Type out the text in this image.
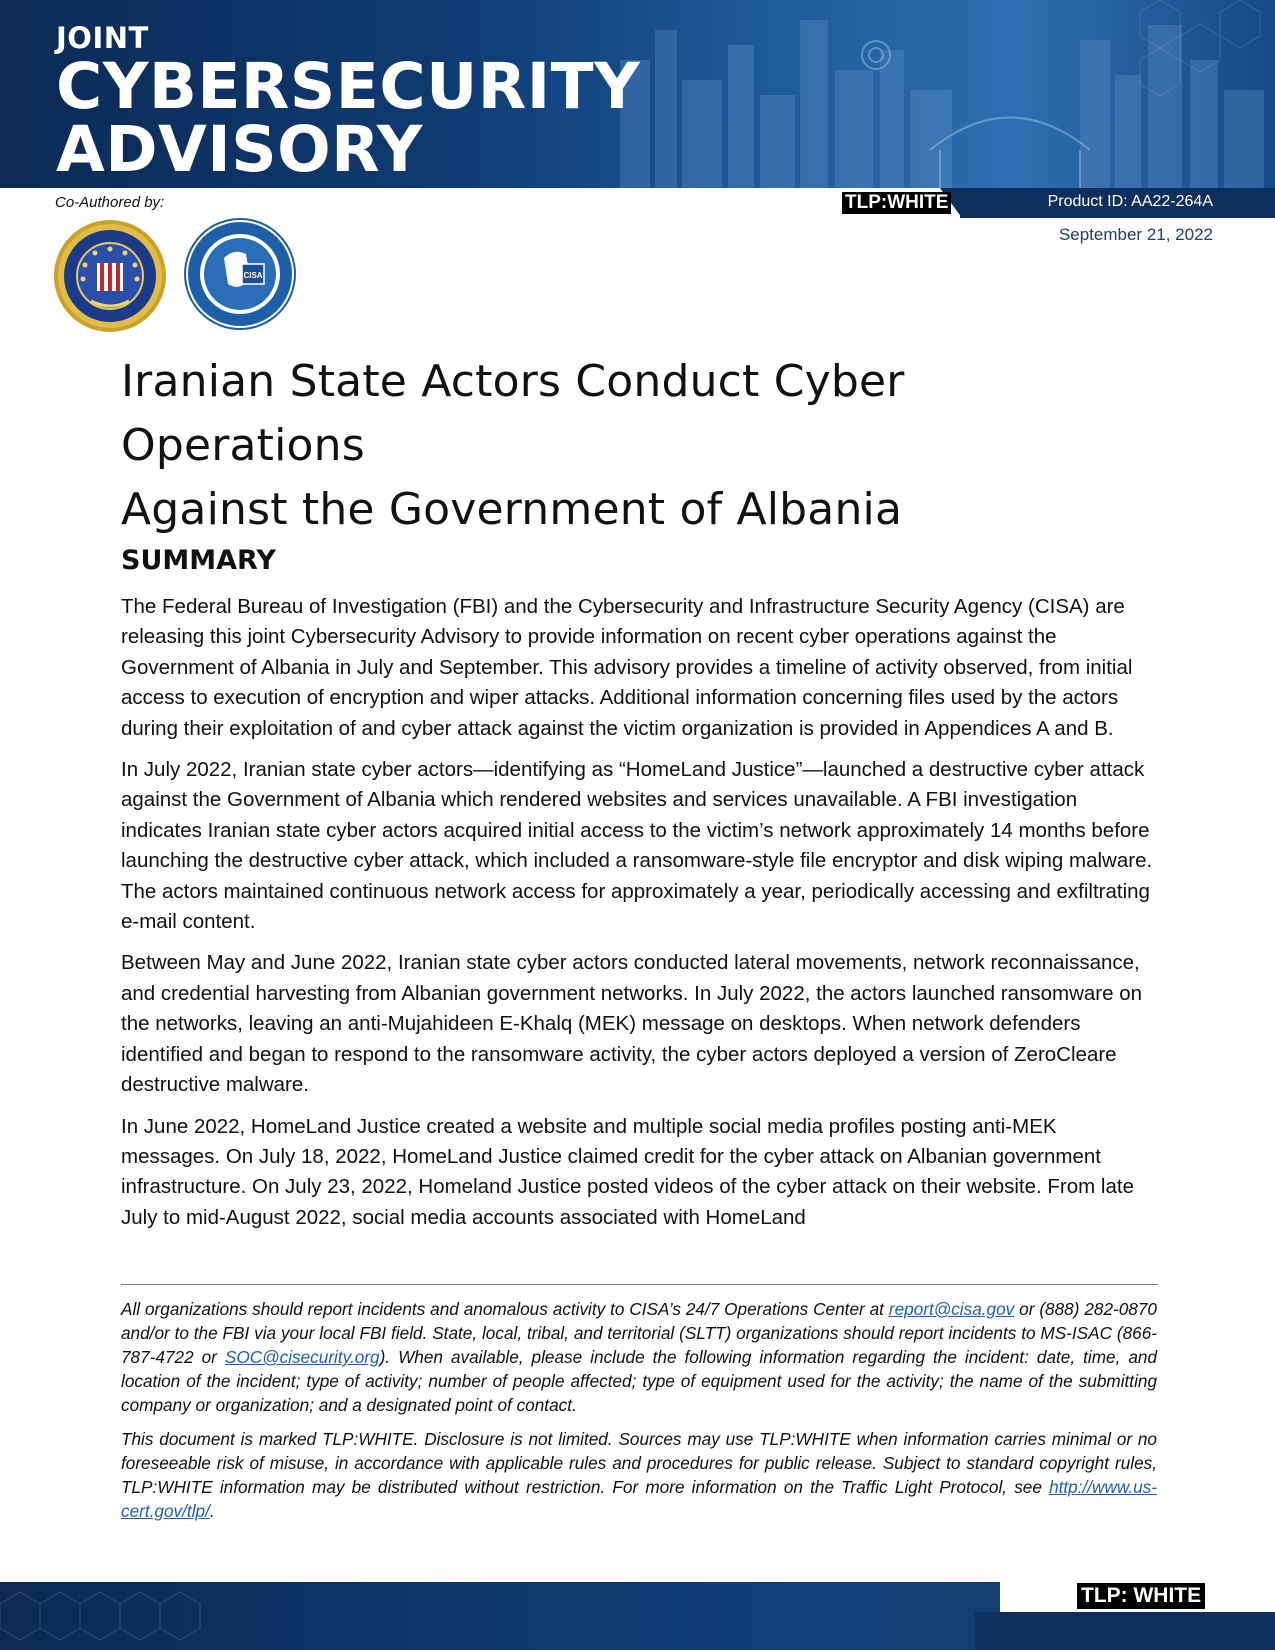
JOINT
CYBERSECURITY
ADVISORY
Product ID: AA22-264A
TLP:WHITE
September 21, 2022
Co-Authored by:
CISA
Iranian State Actors Conduct Cyber Operations
Against the Government of Albania
SUMMARY

The Federal Bureau of Investigation (FBI) and the Cybersecurity and Infrastructure Security Agency (CISA) are releasing this joint Cybersecurity Advisory to provide information on recent cyber operations against the Government of Albania in July and September. This advisory provides a timeline of activity observed, from initial access to execution of encryption and wiper attacks. Additional information concerning files used by the actors during their exploitation of and cyber attack against the victim organization is provided in Appendices A and B.

In July 2022, Iranian state cyber actors—identifying as “HomeLand Justice”—launched a destructive cyber attack against the Government of Albania which rendered websites and services unavailable. A FBI investigation indicates Iranian state cyber actors acquired initial access to the victim’s network approximately 14 months before launching the destructive cyber attack, which included a ransomware-style file encryptor and disk wiping malware. The actors maintained continuous network access for approximately a year, periodically accessing and exfiltrating e-mail content.

Between May and June 2022, Iranian state cyber actors conducted lateral movements, network reconnaissance, and credential harvesting from Albanian government networks. In July 2022, the actors launched ransomware on the networks, leaving an anti-Mujahideen E-Khalq (MEK) message on desktops. When network defenders identified and began to respond to the ransomware activity, the cyber actors deployed a version of ZeroCleare destructive malware.

In June 2022, HomeLand Justice created a website and multiple social media profiles posting anti-MEK messages. On July 18, 2022, HomeLand Justice claimed credit for the cyber attack on Albanian government infrastructure. On July 23, 2022, Homeland Justice posted videos of the cyber attack on their website. From late July to mid-August 2022, social media accounts associated with HomeLand

All organizations should report incidents and anomalous activity to CISA’s 24/7 Operations Center at report@cisa.gov or (888) 282-0870 and/or to the FBI via your local FBI field. State, local, tribal, and territorial (SLTT) organizations should report incidents to MS-ISAC (866-787-4722 or SOC@cisecurity.org). When available, please include the following information regarding the incident: date, time, and location of the incident; type of activity; number of people affected; type of equipment used for the activity; the name of the submitting company or organization; and a designated point of contact.

This document is marked TLP:WHITE. Disclosure is not limited. Sources may use TLP:WHITE when information carries minimal or no foreseeable risk of misuse, in accordance with applicable rules and procedures for public release. Subject to standard copyright rules, TLP:WHITE information may be distributed without restriction. For more information on the Traffic Light Protocol, see http://www.us-cert.gov/tlp/.

TLP: WHITE
